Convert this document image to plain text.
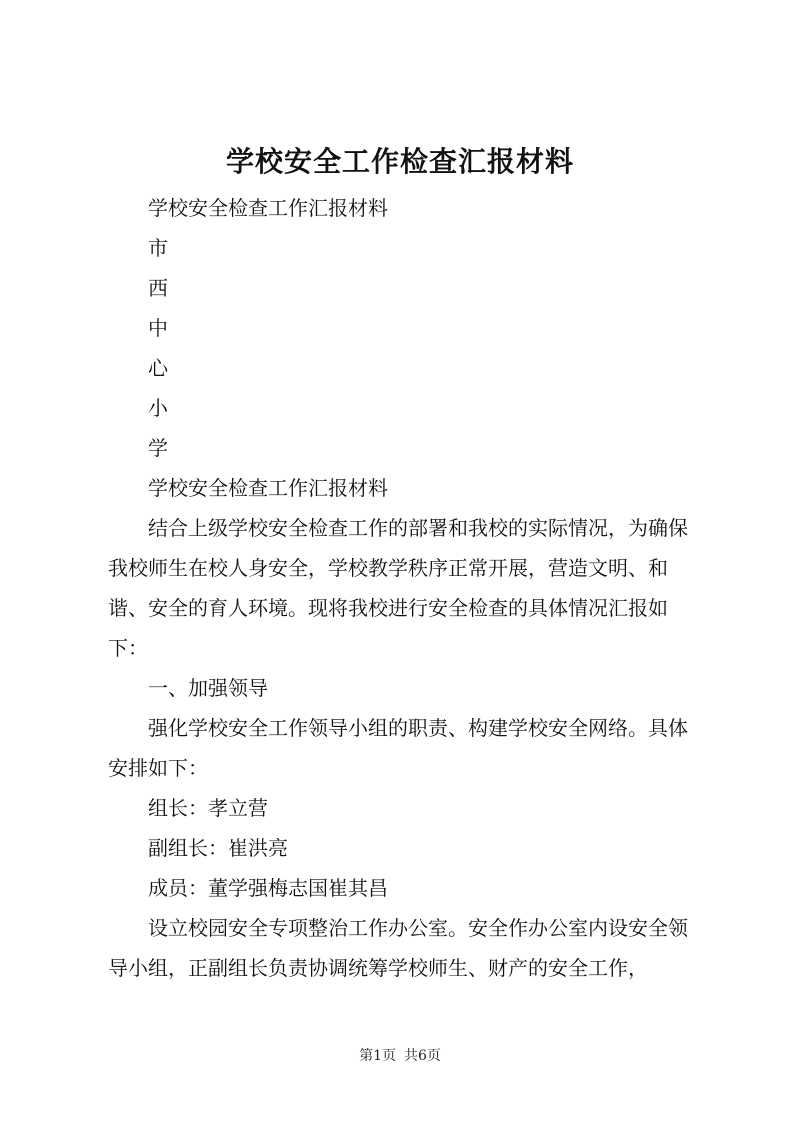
学校安全工作检查汇报材料

学校安全检查工作汇报材料

市

西

中

心

小

学

学校安全检查工作汇报材料

结合上级学校安全检查工作的部署和我校的实际情况，为确保我校师生在校人身安全，学校教学秩序正常开展，营造文明、和谐、安全的育人环境。现将我校进行安全检查的具体情况汇报如下：

一、加强领导

强化学校安全工作领导小组的职责、构建学校安全网络。具体安排如下：

组长：孝立营

副组长：崔洪亮

成员：董学强梅志国崔其昌

设立校园安全专项整治工作办公室。安全作办公室内设安全领导小组，正副组长负责协调统筹学校师生、财产的安全工作，

第1页 共6页
